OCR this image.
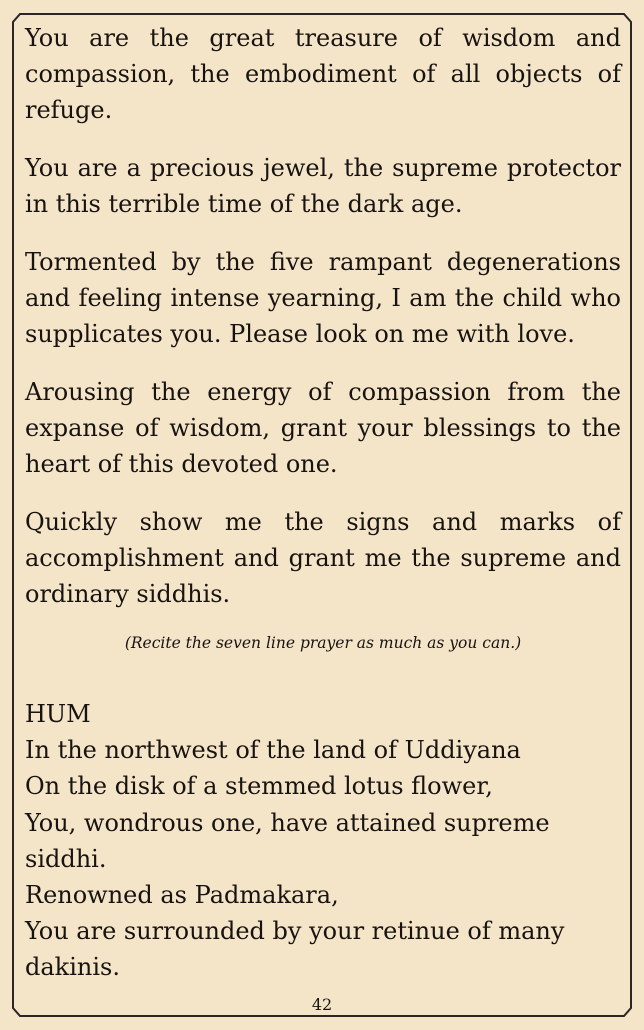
You are the great treasure of wisdom and compassion, the embodiment of all objects of refuge.

You are a precious jewel, the supreme protector in this terrible time of the dark age.

Tormented by the five rampant degenerations and feeling intense yearning, I am the child who supplicates you. Please look on me with love.

Arousing the energy of compassion from the expanse of wisdom, grant your blessings to the heart of this devoted one.

Quickly show me the signs and marks of accomplishment and grant me the supreme and ordinary siddhis.

(Recite the seven line prayer as much as you can.)

HUM
In the northwest of the land of Uddiyana
On the disk of a stemmed lotus flower,
You, wondrous one, have attained supreme
siddhi.
Renowned as Padmakara,
You are surrounded by your retinue of many
dakinis.
42
